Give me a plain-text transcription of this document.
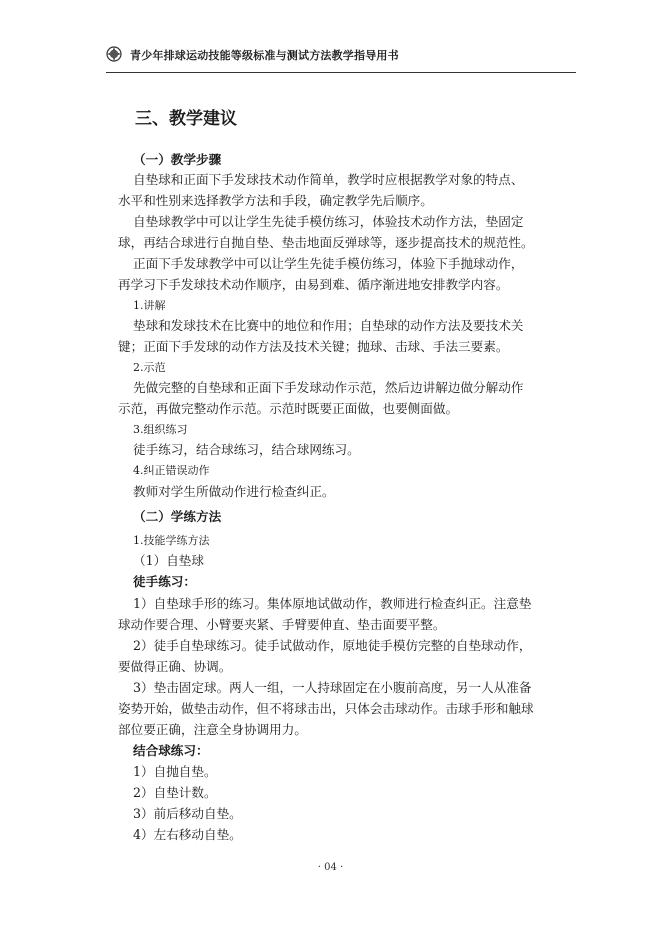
青少年排球运动技能等级标准与测试方法教学指导用书
三、教学建议
（一）教学步骤
自垫球和正面下手发球技术动作简单，教学时应根据教学对象的特点、
水平和性别来选择教学方法和手段，确定教学先后顺序。
自垫球教学中可以让学生先徒手模仿练习，体验技术动作方法，垫固定
球，再结合球进行自抛自垫、垫击地面反弹球等，逐步提高技术的规范性。
正面下手发球教学中可以让学生先徒手模仿练习，体验下手抛球动作，
再学习下手发球技术动作顺序，由易到难、循序渐进地安排教学内容。
1.讲解
垫球和发球技术在比赛中的地位和作用；自垫球的动作方法及要技术关
键；正面下手发球的动作方法及技术关键；抛球、击球、手法三要素。
2.示范
先做完整的自垫球和正面下手发球动作示范，然后边讲解边做分解动作
示范，再做完整动作示范。示范时既要正面做，也要侧面做。
3.组织练习
徒手练习，结合球练习，结合球网练习。
4.纠正错误动作
教师对学生所做动作进行检查纠正。
（二）学练方法
1.技能学练方法
（1）自垫球
徒手练习：
1）自垫球手形的练习。集体原地试做动作，教师进行检查纠正。注意垫
球动作要合理、小臂要夹紧、手臂要伸直、垫击面要平整。
2）徒手自垫球练习。徒手试做动作，原地徒手模仿完整的自垫球动作，
要做得正确、协调。
3）垫击固定球。两人一组，一人持球固定在小腹前高度，另一人从准备
姿势开始，做垫击动作，但不将球击出，只体会击球动作。击球手形和触球
部位要正确，注意全身协调用力。
结合球练习：
1）自抛自垫。
2）自垫计数。
3）前后移动自垫。
4）左右移动自垫。
· 04 ·
